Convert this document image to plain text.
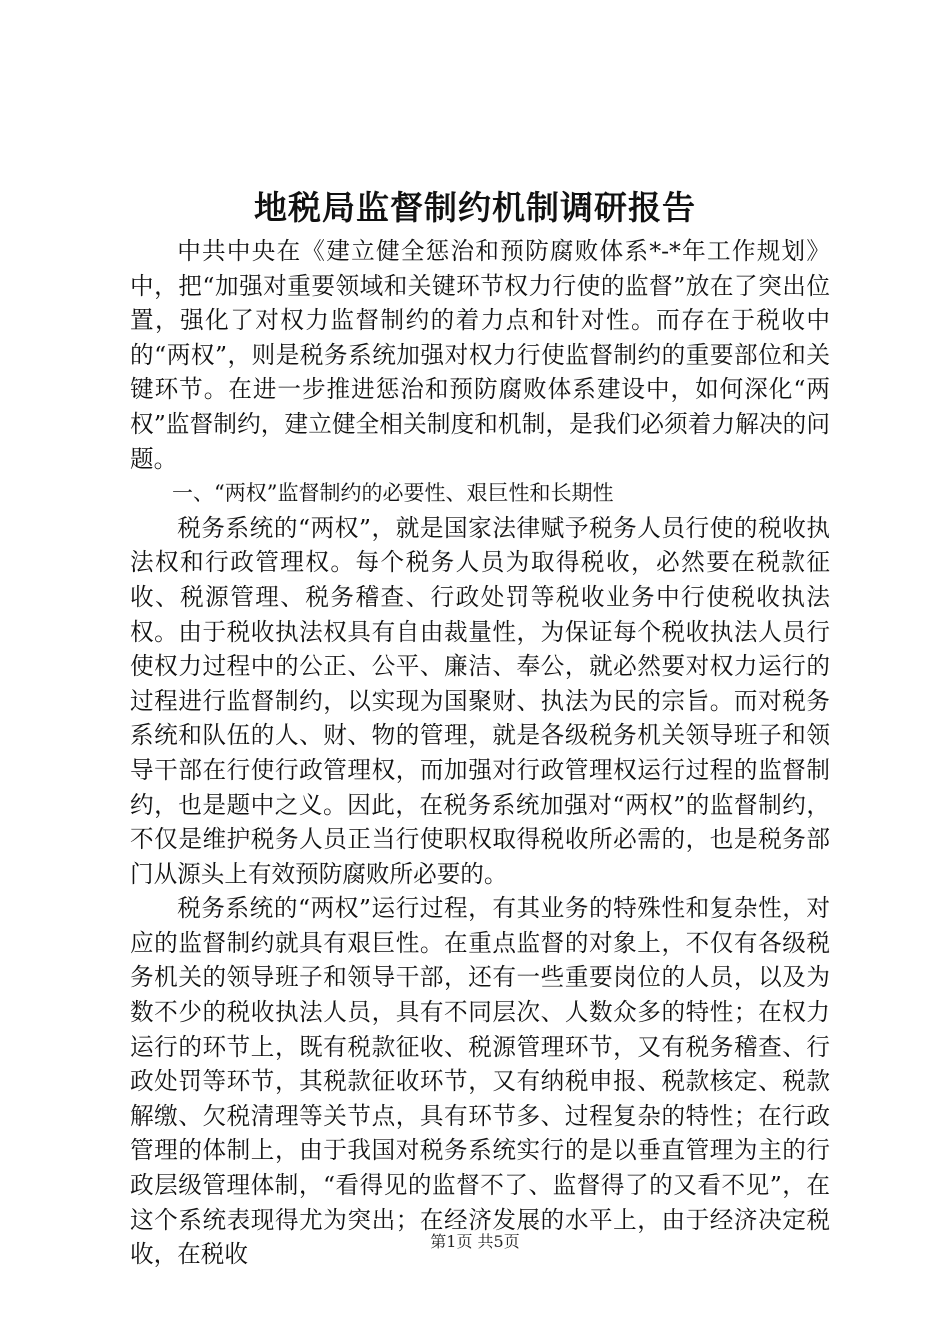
地税局监督制约机制调研报告

中共中央在《建立健全惩治和预防腐败体系*-*年工作规划》中，把“加强对重要领域和关键环节权力行使的监督”放在了突出位置，强化了对权力监督制约的着力点和针对性。而存在于税收中的“两权”，则是税务系统加强对权力行使监督制约的重要部位和关键环节。在进一步推进惩治和预防腐败体系建设中，如何深化“两权”监督制约，建立健全相关制度和机制，是我们必须着力解决的问题。

一、“两权”监督制约的必要性、艰巨性和长期性

税务系统的“两权”，就是国家法律赋予税务人员行使的税收执法权和行政管理权。每个税务人员为取得税收，必然要在税款征收、税源管理、税务稽查、行政处罚等税收业务中行使税收执法权。由于税收执法权具有自由裁量性，为保证每个税收执法人员行使权力过程中的公正、公平、廉洁、奉公，就必然要对权力运行的过程进行监督制约，以实现为国聚财、执法为民的宗旨。而对税务系统和队伍的人、财、物的管理，就是各级税务机关领导班子和领导干部在行使行政管理权，而加强对行政管理权运行过程的监督制约，也是题中之义。因此，在税务系统加强对“两权”的监督制约，不仅是维护税务人员正当行使职权取得税收所必需的，也是税务部门从源头上有效预防腐败所必要的。

税务系统的“两权”运行过程，有其业务的特殊性和复杂性，对应的监督制约就具有艰巨性。在重点监督的对象上，不仅有各级税务机关的领导班子和领导干部，还有一些重要岗位的人员，以及为数不少的税收执法人员，具有不同层次、人数众多的特性；在权力运行的环节上，既有税款征收、税源管理环节，又有税务稽查、行政处罚等环节，其税款征收环节，又有纳税申报、税款核定、税款解缴、欠税清理等关节点，具有环节多、过程复杂的特性；在行政管理的体制上，由于我国对税务系统实行的是以垂直管理为主的行政层级管理体制，“看得见的监督不了、监督得了的又看不见”，在这个系统表现得尤为突出；在经济发展的水平上，由于经济决定税收，在税收	第1页 共5页
